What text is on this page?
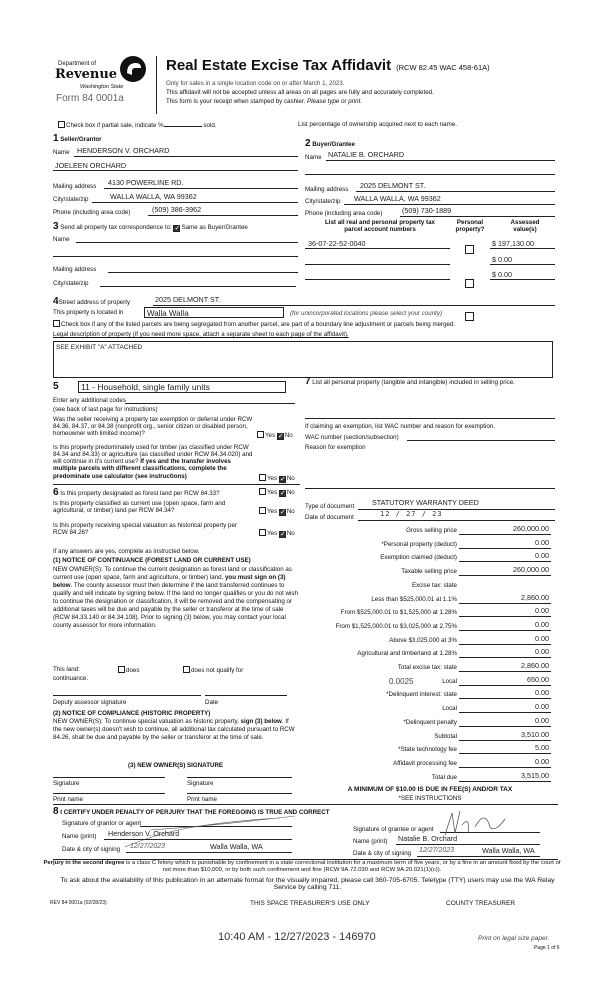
Department of
Revenue
Washington State
Form 84 0001a
Real Estate Excise Tax Affidavit (RCW 82.45 WAC 458-61A)
Only for sales in a single location code on or after March 1, 2023.
This affidavit will not be accepted unless all areas on all pages are fully and accurately completed.
This form is your receipt when stamped by cashier. Please type or print.
Check box if partial sale, indicate %	sold.	List percentage of ownership acquired next to each name.
1 Seller/Grantor
Name HENDERSON V. ORCHARD
JOELEEN ORCHARD
Mailing address 4130 POWERLINE RD.
City/state/zip	WALLA WALLA, WA 99362
Phone (including area code)	(509) 386-3962
2 Buyer/Grantee
Name NATALIE B. ORCHARD
Mailing address 2025 DELMONT ST.
City/state/zip WALLA WALLA, WA 99362
Phone (including area code)	(509) 730-1889
3 Send all property tax correspondence to: ✓Same as Buyer/Grantee
Name
Mailing address
City/state/zip
List all real and personal property tax
parcel account numbers
Personal
property?
Assessed
value(s)
36-07-22-52-0040	$ 197,130.00
$ 0.00
$ 0.00
4Street address of property	2025 DELMONT ST.
This property is located in	Walla Walla	(for unincorporated locations please select your county)
Check box if any of the listed parcels are being segregated from another parcel, are part of a boundary line adjustment or parcels being merged.
Legal description of property (if you need more space, attach a separate sheet to each page of the affidavit).
SEE EXHIBIT "A" ATTACHED
5	11 - Household, single family units
Enter any additional codes
(see back of last page for instructions)
Was the seller receiving a property tax exemption or deferral under RCW 84.36, 84.37, or 84.38 (nonprofit org., senior citizen or disabled person, homeowner with limited income)?	Yes ✓No
Is this property predominately used for timber (as classified under RCW 84.34 and 84.33) or agriculture (as classified under RCW 84.34.020) and will continue in it's current use? If yes and the transfer involves multiple parcels with different classifications, complete the predominate use calculator (see instructions)	Yes ✓No
6 Is this property designated as forest land per RCW 84.33?	Yes ✓No
Is this property classified as current use (open space, farm and agricultural, or timber) land per RCW 84.34?	Yes ✓No
Is this property receiving special valuation as historical property per RCW 84.26?	Yes ✓No
If any answers are yes, complete as instructed below.
(1) NOTICE OF CONTINUANCE (FOREST LAND OR CURRENT USE)
NEW OWNER(S): To continue the current designation as forest land or classification as current use (open space, farm and agriculture, or timber) land, you must sign on (3) below. The county assessor must then determine if the land transferred continues to qualify and will indicate by signing below. If the land no longer qualifies or you do not wish to continue the designation or classification, it will be removed and the compensating or additional taxes will be due and payable by the seller or transferor at the time of sale (RCW 84.33.140 or 84.34.108). Prior to signing (3) below, you may contact your local county assessor for more information.
This land:	does	does not qualify for
continuance.
Deputy assessor signature	Date
(2) NOTICE OF COMPLIANCE (HISTORIC PROPERTY)
NEW OWNER(S): To continue special valuation as historic property, sign (3) below. If the new owner(s) doesn't wish to continue, all additional tax calculated pursuant to RCW 84.26, shall be due and payable by the seller or transferor at the time of sale.
(3) NEW OWNER(S) SIGNATURE
Signature	Signature
Print name	Print name
7 List all personal property (tangible and intangible) included in selling price.
If claiming an exemption, list WAC number and reason for exemption.
WAC number (section/subsection)
Reason for exemption
Type of document STATUTORY WARRANTY DEED
Date of document	12 / 27 / 23
Gross selling price	260,000.00
*Personal property (deduct)	0.00
Exemption claimed (deduct)	0.00
Taxable selling price	260,000.00
Excise tax: state
Less than $525,000.01 at 1.1%	2,860.00
From $525,000.01 to $1,525,000 at 1.28%	0.00
From $1,525,000.01 to $3,025,000 at 2.75%	0.00
Above $3,025,000 at 3%	0.00
Agricultural and timberland at 1.28%	0.00
Total excise tax: state	2,860.00
Local	650.00
0.0025
*Delinquent interest: state	0.00
Local	0.00
*Delinquent penalty	0.00
Subtotal	3,510.00
*State technology fee	5.00
Affidavit processing fee	0.00
Total due	3,515.00
A MINIMUM OF $10.00 IS DUE IN FEE(S) AND/OR TAX
*SEE INSTRUCTIONS
8 I CERTIFY UNDER PENALTY OF PERJURY THAT THE FOREGOING IS TRUE AND CORRECT
Signature of grantor or agent
Name (print) Henderson V. Orchard
Date & city of signing 12/27/2023	Walla Walla, WA
Signature of grantee or agent
Name (print) Natalie B. Orchard
Date & city of signing 12/27/2023	Walla Walla, WA
Perjury in the second degree is a class C felony which is punishable by confinement in a state correctional institution for a maximum term of five years, or by a fine in an amount fixed by the court of not more than $10,000, or by both such confinement and fine (RCW 9A.72.030 and RCW 9A.20.021(1)(c)).
To ask about the availability of this publication in an alternate format for the visually impaired, please call 360-705-6705. Teletype (TTY) users may use the WA Relay Service by calling 711.
REV 84 0001a (02/28/23)	THIS SPACE TREASURER'S USE ONLY	COUNTY TREASURER
10:40 AM - 12/27/2023 - 146970	Print on legal size paper.
Page 1 of 6
